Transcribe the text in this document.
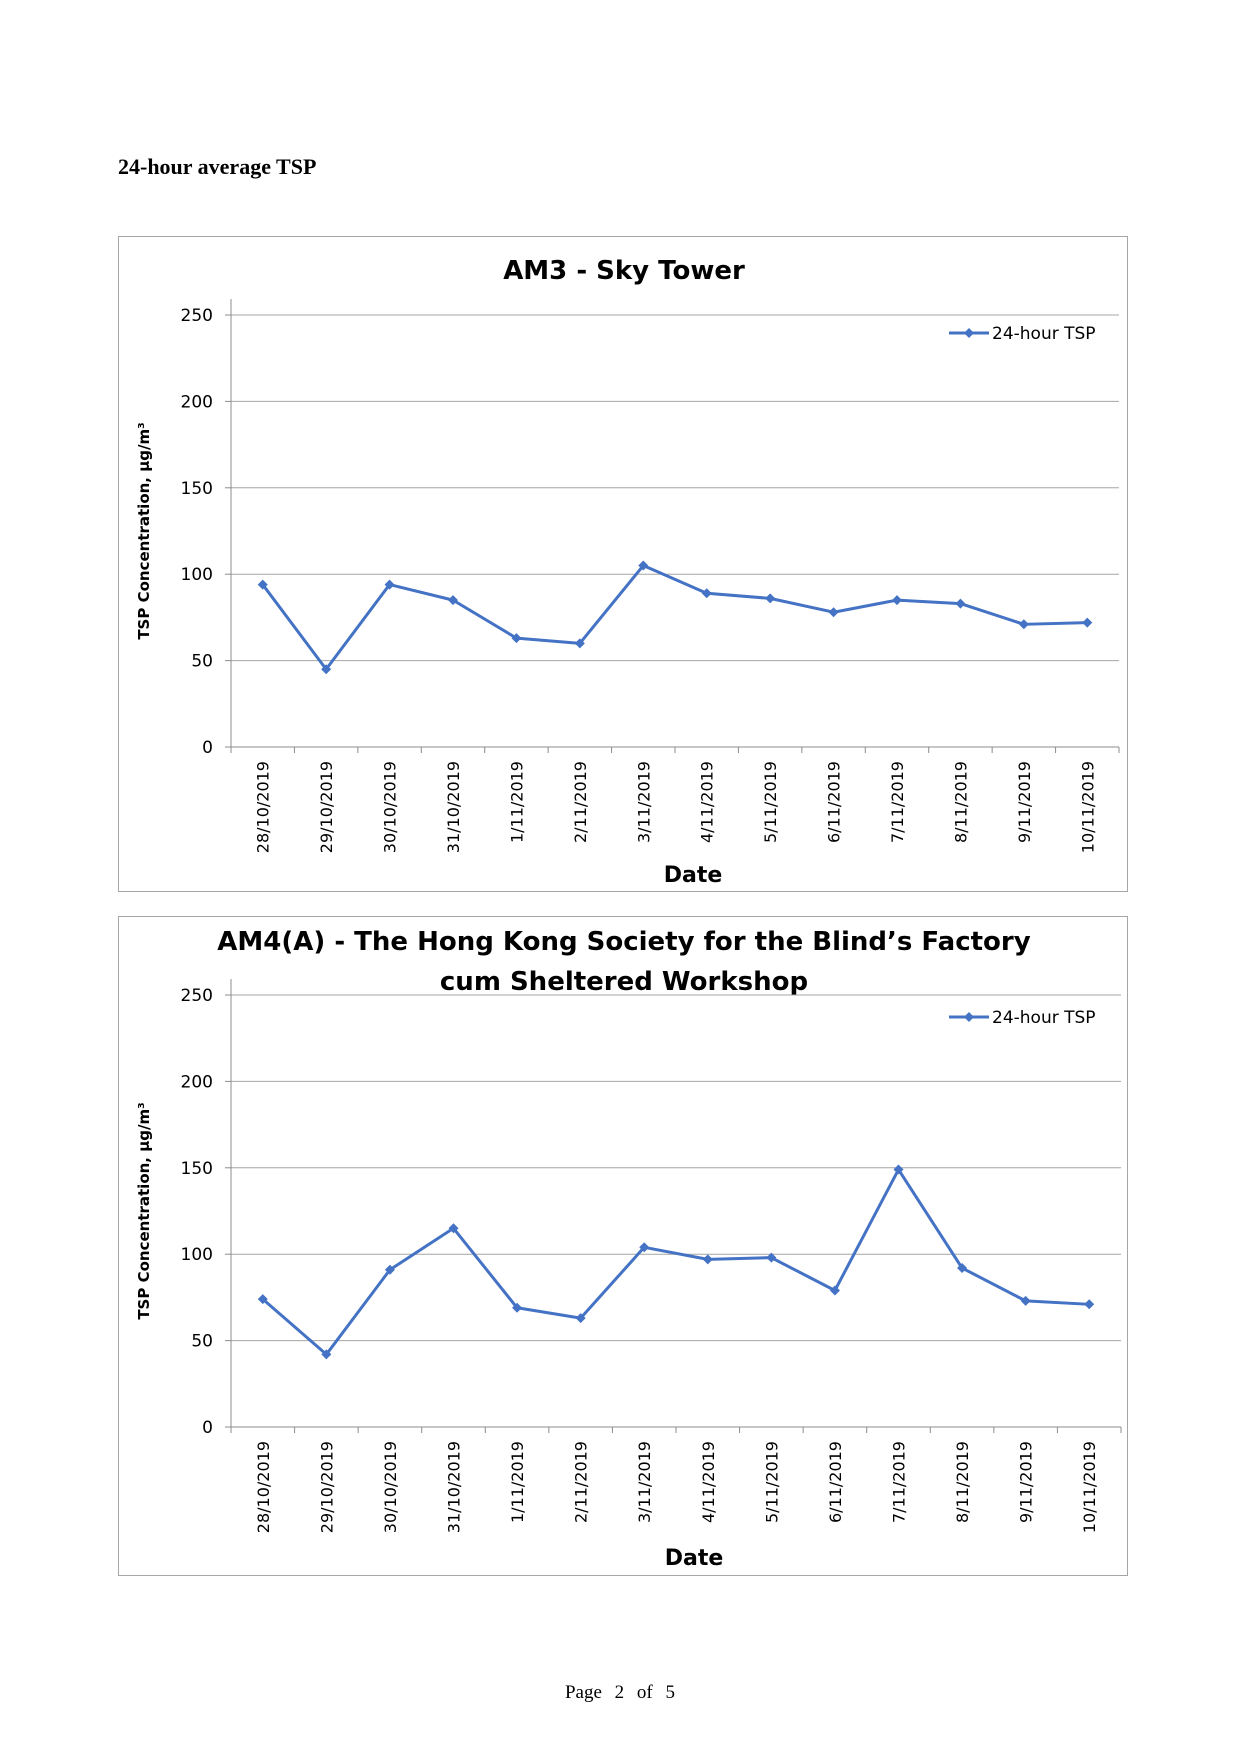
24-hour average TSP
AM3 - Sky Tower
0
50
100
150
200
250
28/10/2019	29/10/2019	30/10/2019	31/10/2019	1/11/2019	2/11/2019	3/11/2019	4/11/2019	5/11/2019	6/11/2019	7/11/2019	8/11/2019	9/11/2019	10/11/2019
Date
TSP Concentration, μg/m³
24-hour TSP
AM4(A) - The Hong Kong Society for the Blind’s Factory
cum Sheltered Workshop
0
50
100
150
200
250
28/10/2019	29/10/2019	30/10/2019	31/10/2019	1/11/2019	2/11/2019	3/11/2019	4/11/2019	5/11/2019	6/11/2019	7/11/2019	8/11/2019	9/11/2019	10/11/2019
Date
TSP Concentration, μg/m³
24-hour TSP
Page 2 of 5
